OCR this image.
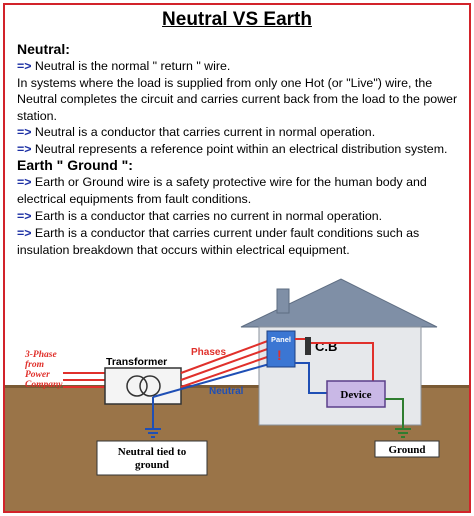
Neutral VS Earth
Neutral:
=> Neutral is the normal " return " wire.
In systems where the load is supplied from only one Hot (or "Live") wire, the
Neutral completes the circuit and carries current back from the load to the power
station.
=> Neutral is a conductor that carries current in normal operation.
=> Neutral represents a reference point within an electrical distribution system.
Earth " Ground ":
=> Earth or Ground wire is a safety protective wire for the human body and
electrical equipments from fault conditions.
=> Earth is a conductor that carries no current in normal operation.
=> Earth is a conductor that carries current under fault conditions such as
insulation breakdown that occurs within electrical equipment.
3-Phase
from
Power
Company
Transformer
Phases
Neutral
Neutral tied to
ground
Panel
!
C.B
Device
Ground
